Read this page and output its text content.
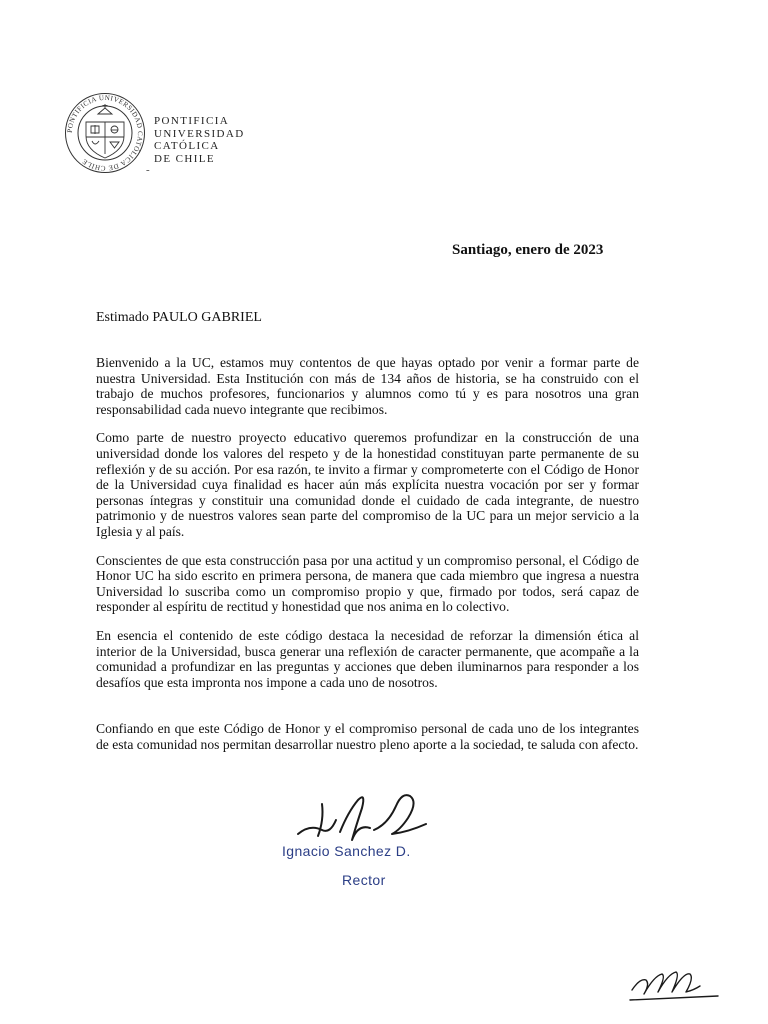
PONTIFICIA UNIVERSIDAD CATÓLICA DE CHILE
PONTIFICIA
UNIVERSIDAD
CATÓLICA
DE CHILE
-
Santiago, enero de 2023
Estimado PAULO GABRIEL

Bienvenido a la UC, estamos muy contentos de que hayas optado por venir a formar parte de nuestra Universidad. Esta Institución con más de 134 años de historia, se ha construido con el trabajo de muchos profesores, funcionarios y alumnos como tú y es para nosotros una gran responsabilidad cada nuevo integrante que recibimos.

Como parte de nuestro proyecto educativo queremos profundizar en la construcción de una universidad donde los valores del respeto y de la honestidad constituyan parte permanente de su reflexión y de su acción. Por esa razón, te invito a firmar y comprometerte con el Código de Honor de la Universidad cuya finalidad es hacer aún más explícita nuestra vocación por ser y formar personas íntegras y constituir una comunidad donde el cuidado de cada integrante, de nuestro patrimonio y de nuestros valores sean parte del compromiso de la UC para un mejor servicio a la Iglesia y al país.

Conscientes de que esta construcción pasa por una actitud y un compromiso personal, el Código de Honor UC ha sido escrito en primera persona, de manera que cada miembro que ingresa a nuestra Universidad lo suscriba como un compromiso propio y que, firmado por todos, será capaz de responder al espíritu de rectitud y honestidad que nos anima en lo colectivo.

En esencia el contenido de este código destaca la necesidad de reforzar la dimensión ética al interior de la Universidad, busca generar una reflexión de caracter permanente, que acompañe a la comunidad a profundizar en las preguntas y acciones que deben iluminarnos para responder a los desafíos que esta impronta nos impone a cada uno de nosotros.

Confiando en que este Código de Honor y el compromiso personal de cada uno de los integrantes de esta comunidad nos permitan desarrollar nuestro pleno aporte a la sociedad, te saluda con afecto.

Ignacio Sanchez D.
Rector
